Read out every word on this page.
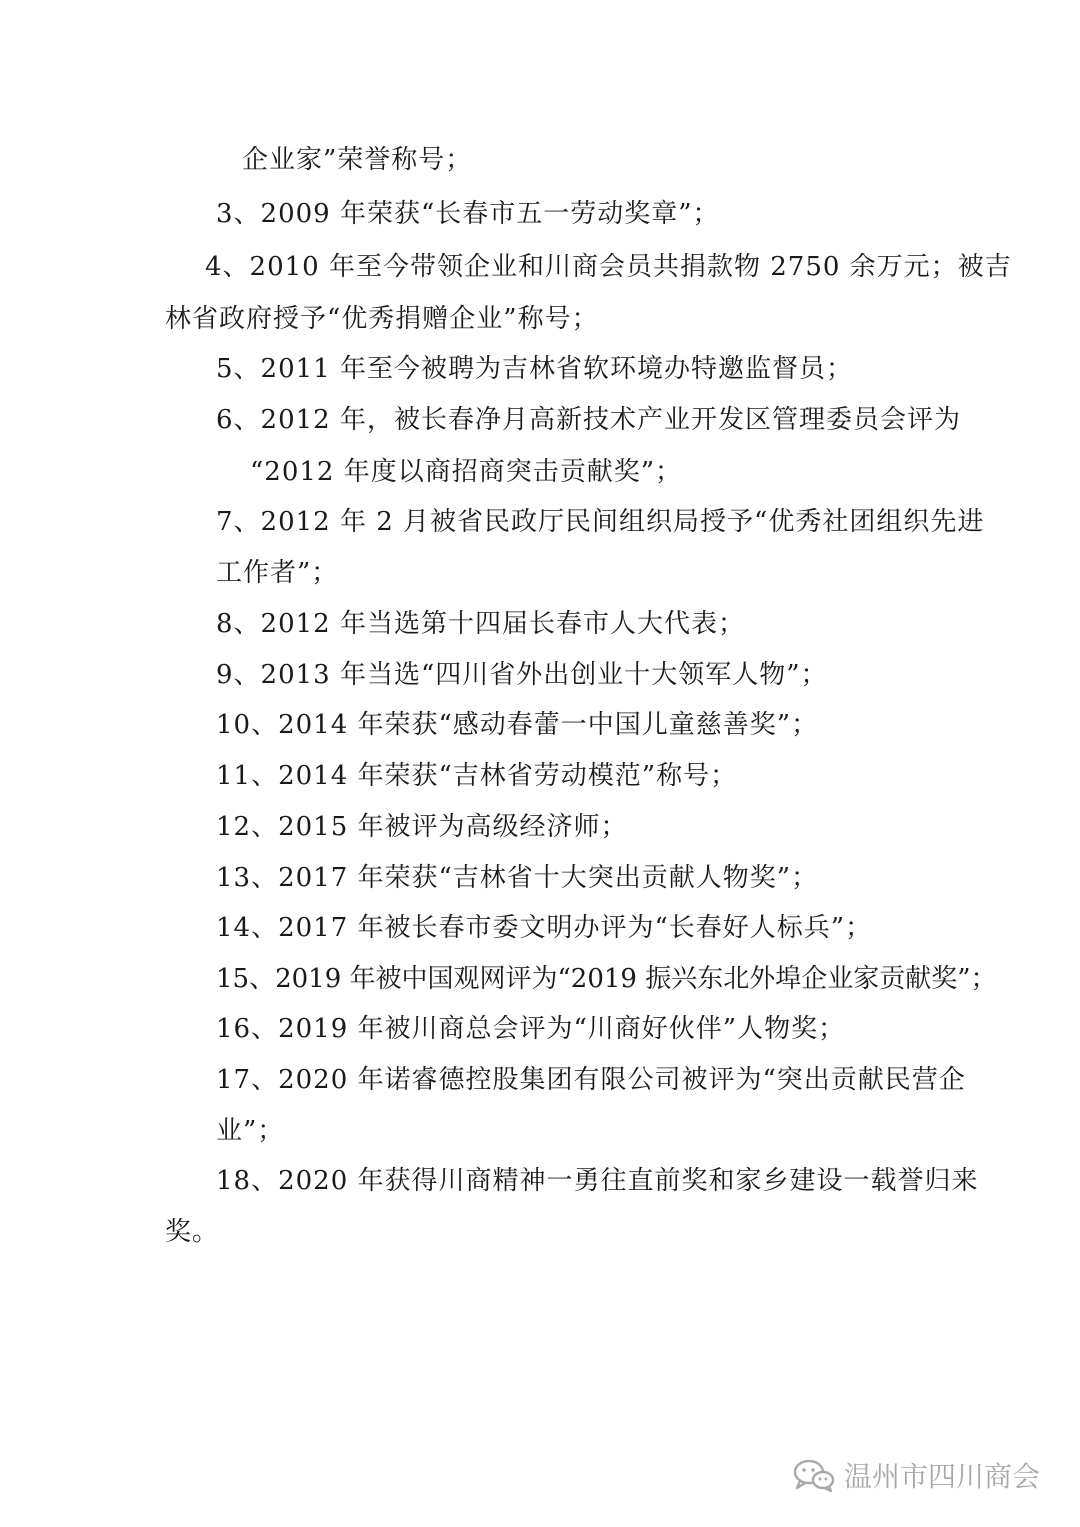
企业家”荣誉称号；
3、2009 年荣获“长春市五一劳动奖章”；
4、2010 年至今带领企业和川商会员共捐款物 2750 余万元；被吉
林省政府授予“优秀捐赠企业”称号；
5、2011 年至今被聘为吉林省软环境办特邀监督员；
6、2012 年，被长春净月高新技术产业开发区管理委员会评为
“2012 年度以商招商突击贡献奖”；
7、2012 年 2 月被省民政厅民间组织局授予“优秀社团组织先进
工作者”；
8、2012 年当选第十四届长春市人大代表；
9、2013 年当选“四川省外出创业十大领军人物”；
10、2014 年荣获“感动春蕾一中国儿童慈善奖”；
11、2014 年荣获“吉林省劳动模范”称号；
12、2015 年被评为高级经济师；
13、2017 年荣获“吉林省十大突出贡献人物奖”；
14、2017 年被长春市委文明办评为“长春好人标兵”；
15、2019 年被中国观网评为“2019 振兴东北外埠企业家贡献奖”；
16、2019 年被川商总会评为“川商好伙伴”人物奖；
17、2020 年诺睿德控股集团有限公司被评为“突出贡献民营企
业”；
18、2020 年获得川商精神一勇往直前奖和家乡建设一载誉归来
奖。
温州市四川商会
